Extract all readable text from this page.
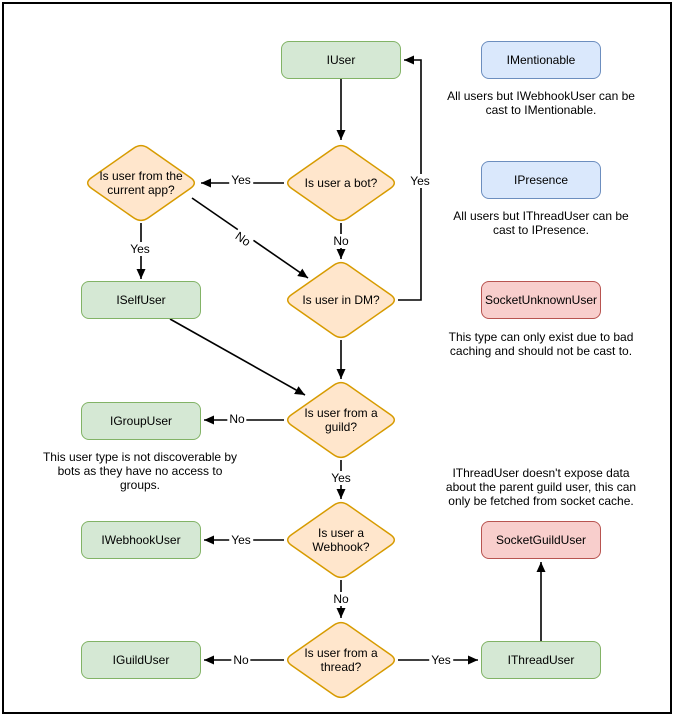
IUser	IMentionable
IPresence
SocketUnknownUser
ISelfUser
IGroupUser
IWebhookUser	SocketGuildUser
IGuildUser	IThreadUser
Is user a bot?
Is user from the
current app?
Is user in DM?
Is user from a
guild?
Is user a
Webhook?
Is user from a
thread?
Yes
No
Yes	No
Yes
No
Yes
Yes
No
No	Yes
All users but IWebhookUser can be
cast to IMentionable.
All users but IThreadUser can be
cast to IPresence.
This type can only exist due to bad
caching and should not be cast to.
This user type is not discoverable by
bots as they have no access to
groups.
IThreadUser doesn't expose data
about the parent guild user, this can
only be fetched from socket cache.
